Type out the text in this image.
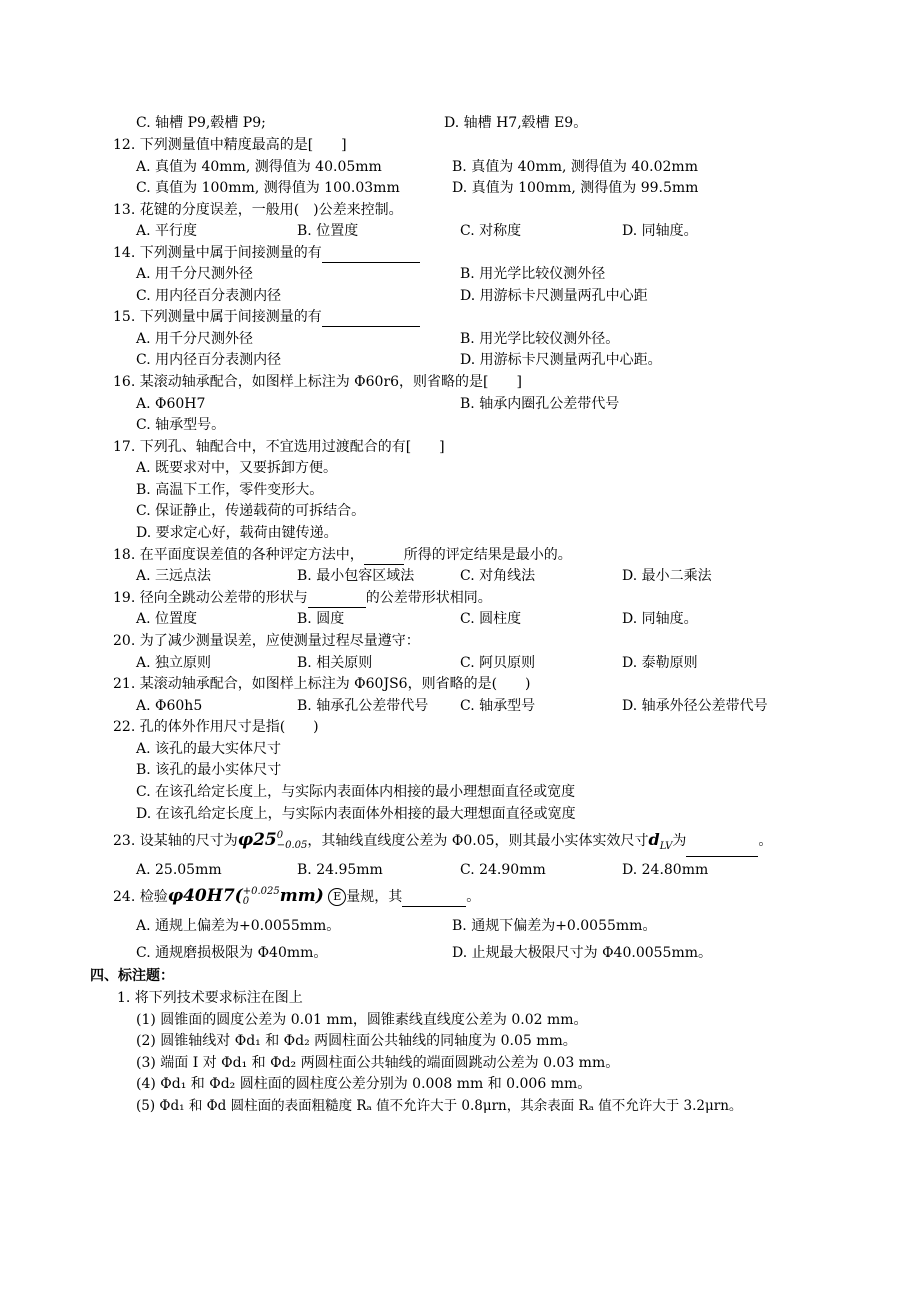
C. 轴槽 P9,毂槽 P9;	D. 轴槽 H7,毂槽 E9。
12. 下列测量值中精度最高的是[　　]
A. 真值为 40mm, 测得值为 40.05mm	B. 真值为 40mm, 测得值为 40.02mm
C. 真值为 100mm, 测得值为 100.03mm	D. 真值为 100mm, 测得值为 99.5mm
13. 花键的分度误差，一般用(　)公差来控制。
A. 平行度	B. 位置度	C. 对称度	D. 同轴度。
14. 下列测量中属于间接测量的有
A. 用千分尺测外径	B. 用光学比较仪测外径
C. 用内径百分表测内径	D. 用游标卡尺测量两孔中心距
15. 下列测量中属于间接测量的有
A. 用千分尺测外径	B. 用光学比较仪测外径。
C. 用内径百分表测内径	D. 用游标卡尺测量两孔中心距。
16. 某滚动轴承配合，如图样上标注为 Φ60r6，则省略的是[　　]
A. Φ60H7	B. 轴承内圈孔公差带代号
C. 轴承型号。
17. 下列孔、轴配合中，不宜选用过渡配合的有[　　]
A. 既要求对中，又要拆卸方便。
B. 高温下工作，零件变形大。
C. 保证静止，传递载荷的可拆结合。
D. 要求定心好，载荷由键传递。
18. 在平面度误差值的各种评定方法中，	所得的评定结果是最小的。
A. 三远点法	B. 最小包容区域法	C. 对角线法	D. 最小二乘法
19. 径向全跳动公差带的形状与	的公差带形状相同。
A. 位置度	B. 圆度	C. 圆柱度	D. 同轴度。
20. 为了减少测量误差，应使测量过程尽量遵守：
A. 独立原则	B. 相关原则	C. 阿贝原则	D. 泰勒原则
21. 某滚动轴承配合，如图样上标注为 Φ60JS6，则省略的是(　　)
A. Φ60h5	B. 轴承孔公差带代号 C. 轴承型号	D. 轴承外径公差带代号
22. 孔的体外作用尺寸是指(　　)
A. 该孔的最大实体尺寸
B. 该孔的最小实体尺寸
C. 在该孔给定长度上，与实际内表面体内相接的最小理想面直径或宽度
D. 在该孔给定长度上，与实际内表面体外相接的最大理想面直径或宽度
23. 设某轴的尺寸为φ25 0
−0.05 ，其轴线直线度公差为 Φ0.05，则其最小实体实效尺寸$d_{LV}$为	。
A. 25.05mm	B. 24.95mm	C. 24.90mm	D. 24.80mm
24. 检验φ40H7( +0.025
0	mm) E 量规，其	。
A. 通规上偏差为+0.0055mm。	B. 通规下偏差为+0.0055mm。
C. 通规磨损极限为 Φ40mm。	D. 止规最大极限尺寸为 Φ40.0055mm。
四、标注题：
1. 将下列技术要求标注在图上
(1) 圆锥面的圆度公差为 0.01 mm，圆锥素线直线度公差为 0.02 mm。
(2) 圆锥轴线对 Φd₁ 和 Φd₂ 两圆柱面公共轴线的同轴度为 0.05 mm。
(3) 端面 Ⅰ 对 Φd₁ 和 Φd₂ 两圆柱面公共轴线的端面圆跳动公差为 0.03 mm。
(4) Φd₁ 和 Φd₂ 圆柱面的圆柱度公差分别为 0.008 mm 和 0.006 mm。
(5) Φd₁ 和 Φd 圆柱面的表面粗糙度 Rₐ 值不允许大于 0.8μrn，其余表面 Rₐ 值不允许大于 3.2μrn。
